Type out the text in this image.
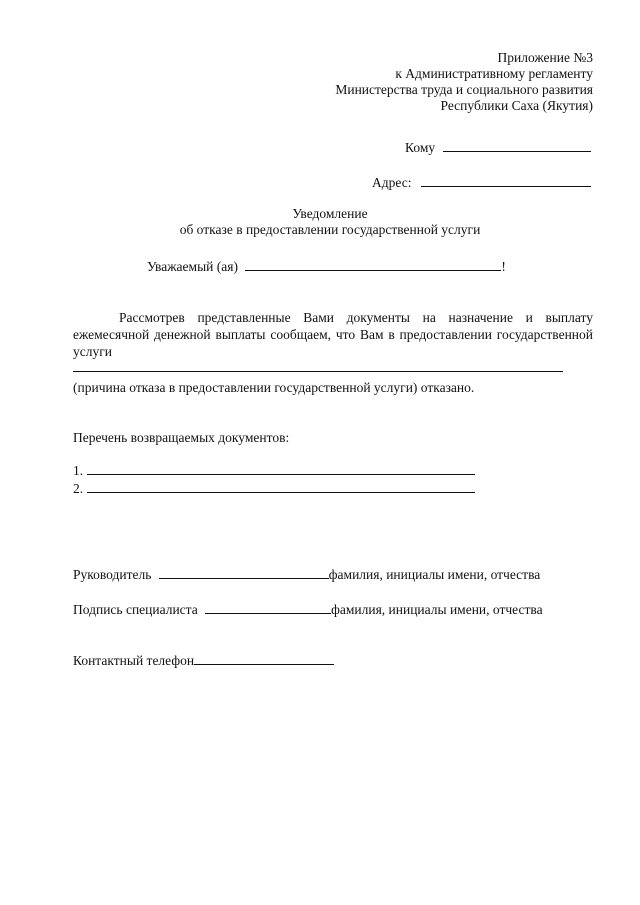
Приложение №3
к Административному регламенту
Министерства труда и социального развития
Республики Саха (Якутия)
Кому
Адрес:
Уведомление
об отказе в предоставлении государственной услуги
Уважаемый (ая)	!
Рассмотрев представленные Вами документы на назначение и выплату ежемесячной денежной выплаты сообщаем, что Вам в предоставлении государственной услуги
(причина отказа в предоставлении государственной услуги) отказано.
Перечень возвращаемых документов:
1.
2.
Руководитель	фамилия, инициалы имени, отчества
Подпись специалиста	фамилия, инициалы имени, отчества
Контактный телефон
